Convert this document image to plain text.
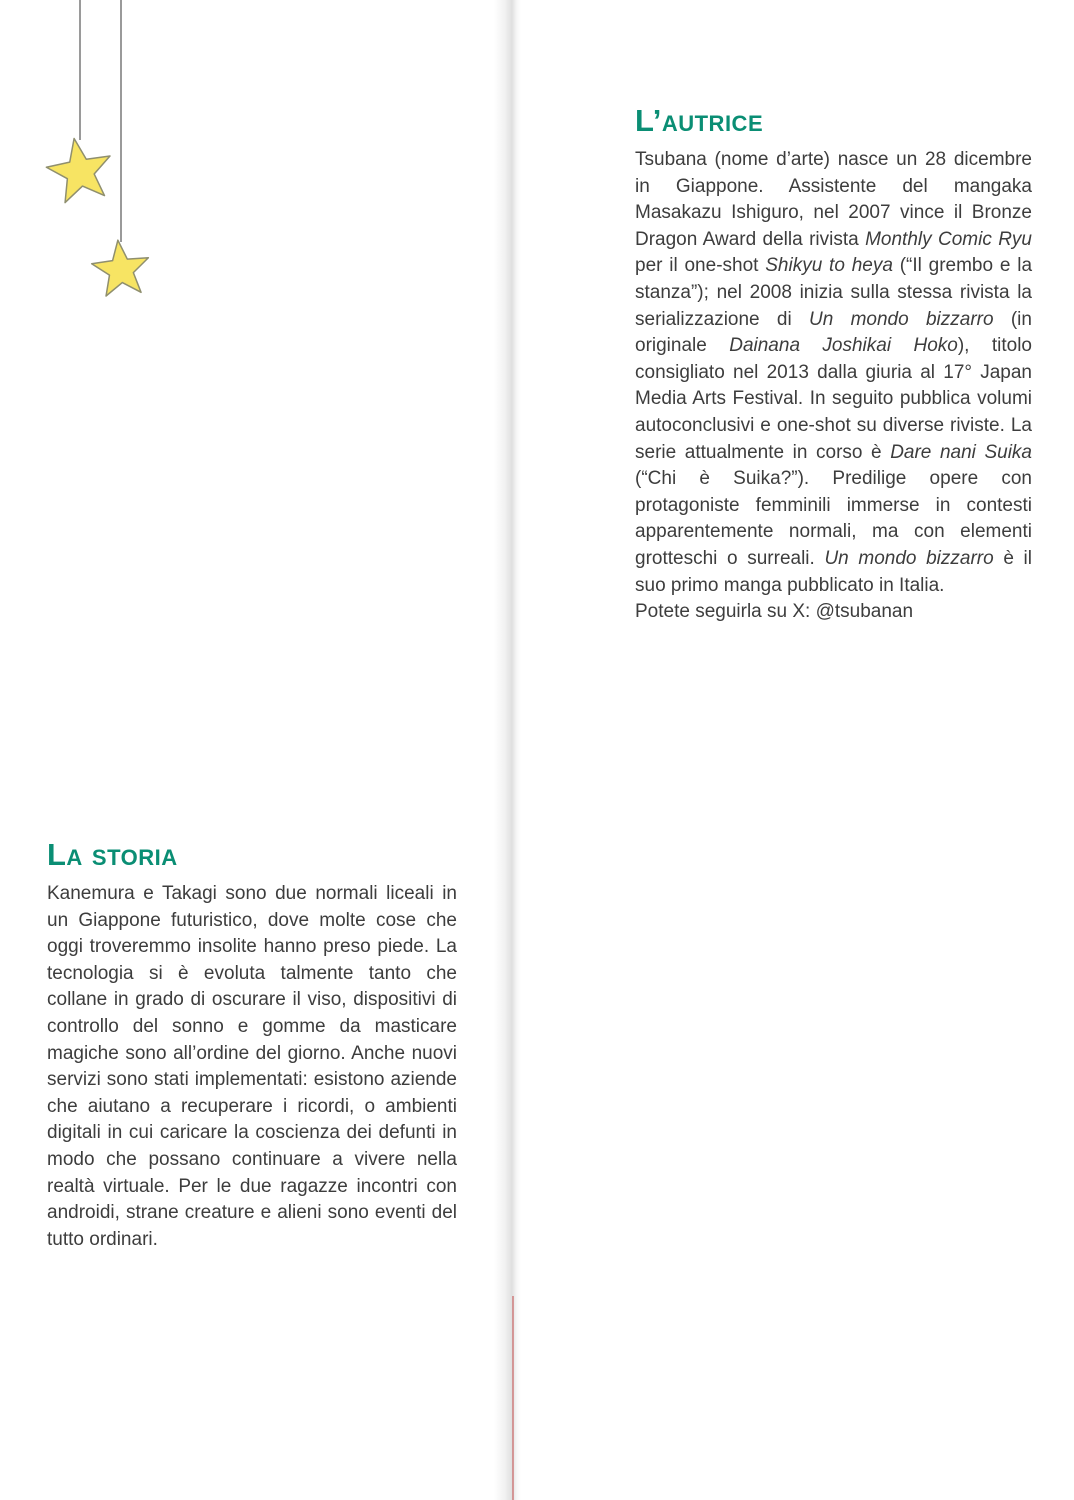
L’autrice

Tsubana (nome d’arte) nasce un 28 dicembre in Giappone. Assistente del mangaka Masakazu Ishiguro, nel 2007 vince il Bronze Dragon Award della rivista Monthly Comic Ryu per il one-shot Shikyu to heya (“Il grembo e la stanza”); nel 2008 inizia sulla stessa rivista la serializzazione di Un mondo bizzarro (in originale Dainana Joshikai Hoko), titolo consigliato nel 2013 dalla giuria al 17° Japan Media Arts Festival. In seguito pubblica volumi autoconclusivi e one-shot su diverse riviste. La serie attualmente in corso è Dare nani Suika (“Chi è Suika?”). Predilige opere con protagoniste femminili immerse in contesti apparentemente normali, ma con elementi grotteschi o surreali. Un mondo bizzarro è il suo primo manga pubblicato in Italia.

Potete seguirla su X: @tsubanan

La storia

Kanemura e Takagi sono due normali liceali in un Giappone futuristico, dove molte cose che oggi troveremmo insolite hanno preso piede. La tecnologia si è evoluta talmente tanto che collane in grado di oscurare il viso, dispositivi di controllo del sonno e gomme da masticare magiche sono all’ordine del giorno. Anche nuovi servizi sono stati implementati: esistono aziende che aiutano a recuperare i ricordi, o ambienti digitali in cui caricare la coscienza dei defunti in modo che possano continuare a vivere nella realtà virtuale. Per le due ragazze incontri con androidi, strane creature e alieni sono eventi del tutto ordinari.
